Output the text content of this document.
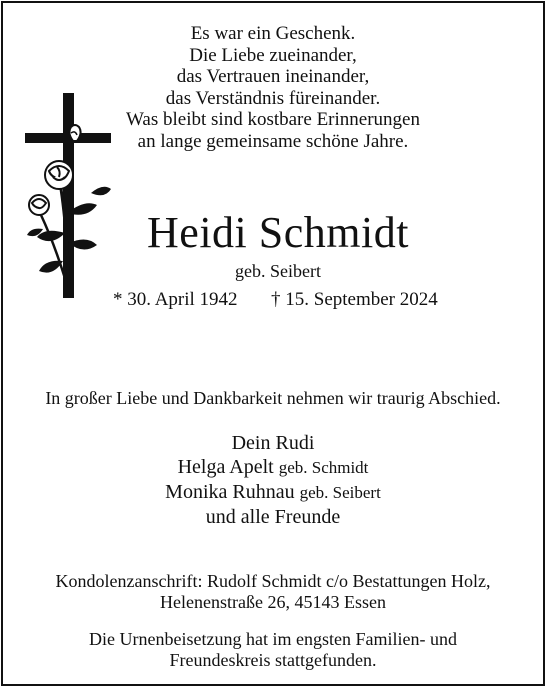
Es war ein Geschenk.
Die Liebe zueinander,
das Vertrauen ineinander,
das Verständnis füreinander.
Was bleibt sind kostbare Erinnerungen
an lange gemeinsame schöne Jahre.
Heidi Schmidt
geb. Seibert
* 30. April 1942 † 15. September 2024
In großer Liebe und Dankbarkeit nehmen wir traurig Abschied.
Dein Rudi
Helga Apelt geb. Schmidt
Monika Ruhnau geb. Seibert
und alle Freunde
Kondolenzanschrift: Rudolf Schmidt c/o Bestattungen Holz,
Helenenstraße 26, 45143 Essen
Die Urnenbeisetzung hat im engsten Familien- und
Freundeskreis stattgefunden.
